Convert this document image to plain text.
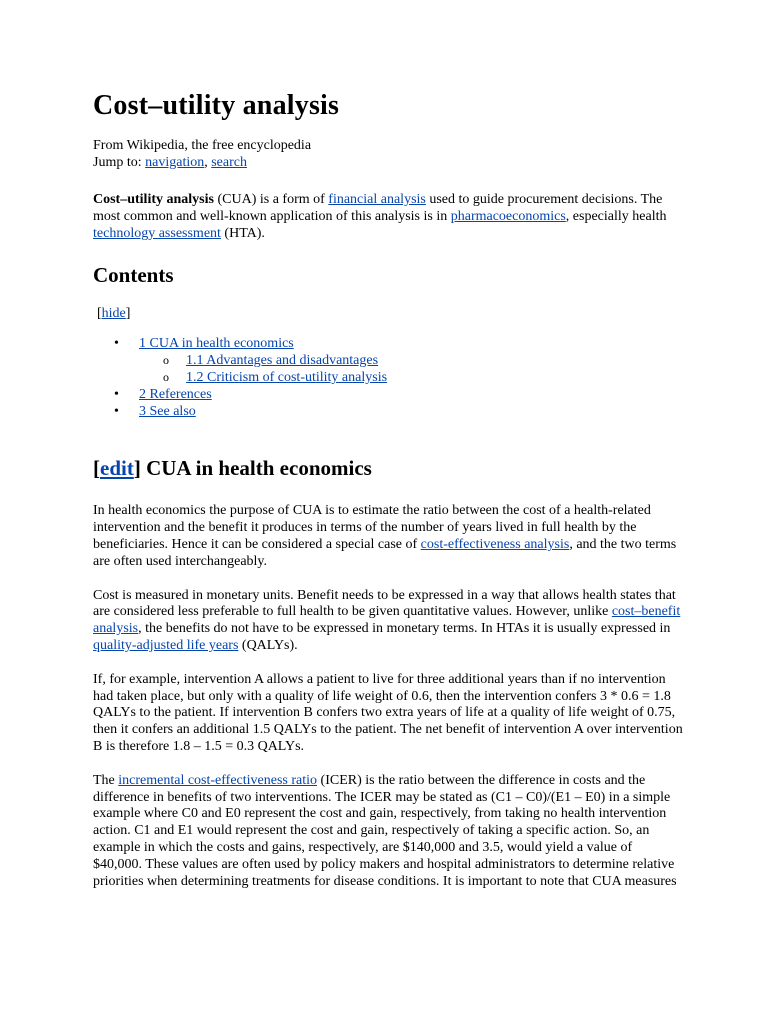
Cost–utility analysis
From Wikipedia, the free encyclopedia
Jump to: navigation, search

Cost–utility analysis (CUA) is a form of financial analysis used to guide procurement decisions. The most common and well-known application of this analysis is in pharmacoeconomics, especially health technology assessment (HTA).

Contents
[hide]
• 1 CUA in health economics
o 1.1 Advantages and disadvantages
o 1.2 Criticism of cost-utility analysis
• 2 References
• 3 See also
[edit] CUA in health economics

In health economics the purpose of CUA is to estimate the ratio between the cost of a health-related intervention and the benefit it produces in terms of the number of years lived in full health by the beneficiaries. Hence it can be considered a special case of cost-effectiveness analysis, and the two terms are often used interchangeably.

Cost is measured in monetary units. Benefit needs to be expressed in a way that allows health states that are considered less preferable to full health to be given quantitative values. However, unlike cost–benefit analysis, the benefits do not have to be expressed in monetary terms. In HTAs it is usually expressed in quality-adjusted life years (QALYs).

If, for example, intervention A allows a patient to live for three additional years than if no intervention had taken place, but only with a quality of life weight of 0.6, then the intervention confers 3 * 0.6 = 1.8 QALYs to the patient. If intervention B confers two extra years of life at a quality of life weight of 0.75, then it confers an additional 1.5 QALYs to the patient. The net benefit of intervention A over intervention B is therefore 1.8 – 1.5 = 0.3 QALYs.

The incremental cost-effectiveness ratio (ICER) is the ratio between the difference in costs and the difference in benefits of two interventions. The ICER may be stated as (C1 – C0)/(E1 – E0) in a simple example where C0 and E0 represent the cost and gain, respectively, from taking no health intervention action. C1 and E1 would represent the cost and gain, respectively of taking a specific action. So, an example in which the costs and gains, respectively, are $140,000 and 3.5, would yield a value of $40,000. These values are often used by policy makers and hospital administrators to determine relative priorities when determining treatments for disease conditions. It is important to note that CUA measures
